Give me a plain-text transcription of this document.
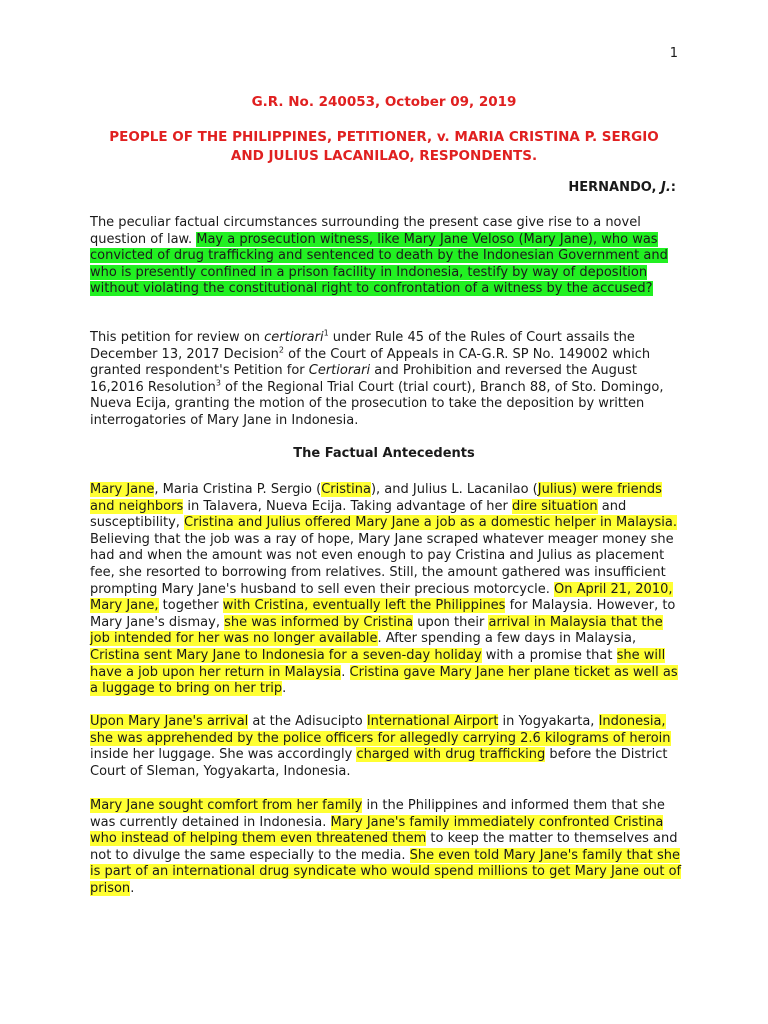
1
G.R. No. 240053, October 09, 2019
PEOPLE OF THE PHILIPPINES, PETITIONER, v. MARIA CRISTINA P. SERGIO AND JULIUS LACANILAO, RESPONDENTS.
HERNANDO, J.:

The peculiar factual circumstances surrounding the present case give rise to a novel question of law. May a prosecution witness, like Mary Jane Veloso (Mary Jane), who was convicted of drug trafficking and sentenced to death by the Indonesian Government and who is presently confined in a prison facility in Indonesia, testify by way of deposition without violating the constitutional right to confrontation of a witness by the accused?

This petition for review on certiorari$^1$ under Rule 45 of the Rules of Court assails the December 13, 2017 Decision$^2$ of the Court of Appeals in CA-G.R. SP No. 149002 which granted respondent's Petition for Certiorari and Prohibition and reversed the August 16,2016 Resolution$^3$ of the Regional Trial Court (trial court), Branch 88, of Sto. Domingo, Nueva Ecija, granting the motion of the prosecution to take the deposition by written interrogatories of Mary Jane in Indonesia.

The Factual Antecedents

Mary Jane, Maria Cristina P. Sergio (Cristina), and Julius L. Lacanilao (Julius) were friends and neighbors in Talavera, Nueva Ecija. Taking advantage of her dire situation and susceptibility, Cristina and Julius offered Mary Jane a job as a domestic helper in Malaysia. Believing that the job was a ray of hope, Mary Jane scraped whatever meager money she had and when the amount was not even enough to pay Cristina and Julius as placement fee, she resorted to borrowing from relatives. Still, the amount gathered was insufficient prompting Mary Jane's husband to sell even their precious motorcycle. On April 21, 2010, Mary Jane, together with Cristina, eventually left the Philippines for Malaysia. However, to Mary Jane's dismay, she was informed by Cristina upon their arrival in Malaysia that the job intended for her was no longer available. After spending a few days in Malaysia, Cristina sent Mary Jane to Indonesia for a seven-day holiday with a promise that she will have a job upon her return in Malaysia. Cristina gave Mary Jane her plane ticket as well as a luggage to bring on her trip.

Upon Mary Jane's arrival at the Adisucipto International Airport in Yogyakarta, Indonesia, she was apprehended by the police officers for allegedly carrying 2.6 kilograms of heroin inside her luggage. She was accordingly charged with drug trafficking before the District Court of Sleman, Yogyakarta, Indonesia.

Mary Jane sought comfort from her family in the Philippines and informed them that she was currently detained in Indonesia. Mary Jane's family immediately confronted Cristina who instead of helping them even threatened them to keep the matter to themselves and not to divulge the same especially to the media. She even told Mary Jane's family that she is part of an international drug syndicate who would spend millions to get Mary Jane out of prison.
